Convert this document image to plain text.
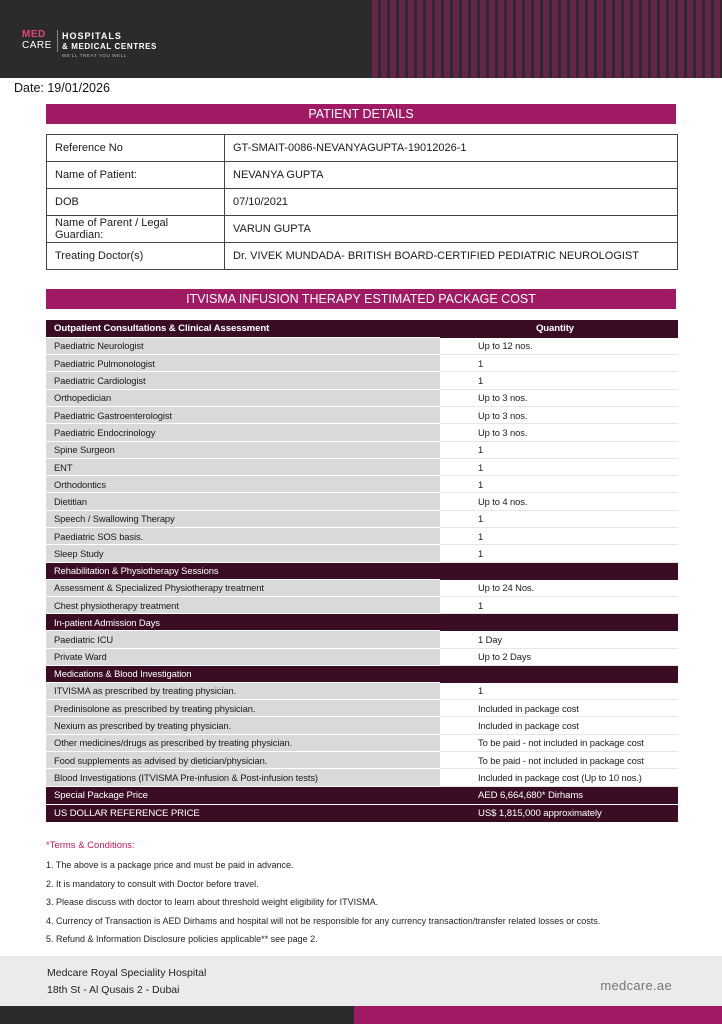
MED
CARE
HOSPITALS
& MEDICAL CENTRES
WE'LL TREAT YOU WELL
Date: 19/01/2026
PATIENT DETAILS
Reference No	GT-SMAIT-0086-NEVANYAGUPTA-19012026-1
Name of Patient:	NEVANYA GUPTA
DOB	07/10/2021
Name of Parent / Legal Guardian:	VARUN GUPTA
Treating Doctor(s)	Dr. VIVEK MUNDADA- BRITISH BOARD-CERTIFIED PEDIATRIC NEUROLOGIST
ITVISMA INFUSION THERAPY ESTIMATED PACKAGE COST
Outpatient Consultations & Clinical Assessment	Quantity
Paediatric Neurologist	Up to 12 nos.
Paediatric Pulmonologist	1
Paediatric Cardiologist	1
Orthopedician	Up to 3 nos.
Paediatric Gastroenterologist	Up to 3 nos.
Paediatric Endocrinology	Up to 3 nos.
Spine Surgeon	1
ENT	1
Orthodontics	1
Dietitian	Up to 4 nos.
Speech / Swallowing Therapy	1
Paediatric SOS basis.	1
Sleep Study	1
Rehabilitation & Physiotherapy Sessions	
Assessment & Specialized Physiotherapy treatment	Up to 24 Nos.
Chest physiotherapy treatment	1
In-patient Admission Days	
Paediatric ICU	1 Day
Private Ward	Up to 2 Days
Medications & Blood Investigation	
ITVISMA as prescribed by treating physician.	1
Predinisolone as prescribed by treating physician.	Included in package cost
Nexium as prescribed by treating physician.	Included in package cost
Other medicines/drugs as prescribed by treating physician.	To be paid - not included in package cost
Food supplements as advised by dietician/physician.	To be paid - not included in package cost
Blood Investigations (ITVISMA Pre-infusion & Post-infusion tests)	Included in package cost (Up to 10 nos.)
Special Package Price	AED 6,664,680* Dirhams
US DOLLAR REFERENCE PRICE	US$ 1,815,000 approximately
*Terms & Conditions:
1. The above is a package price and must be paid in advance.
2. It is mandatory to consult with Doctor before travel.
3. Please discuss with doctor to learn about threshold weight eligibility for ITVISMA.
4. Currency of Transaction is AED Dirhams and hospital will not be responsible for any currency transaction/transfer related losses or costs.
5. Refund & Information Disclosure policies applicable** see page 2.
Medcare Royal Speciality Hospital
18th St - Al Qusais 2 - Dubai	medcare.ae
